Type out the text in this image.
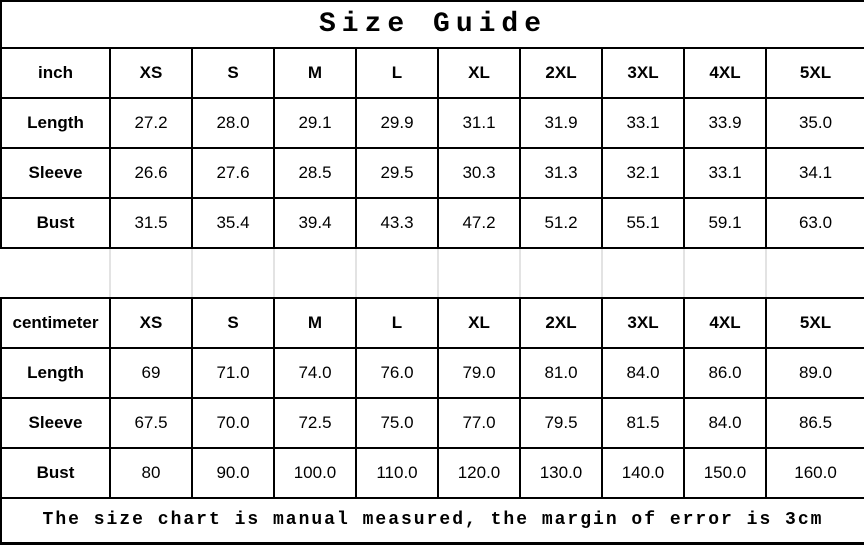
Size Guide									
inch	XS	S	M	L	XL	2XL	3XL	4XL	5XL
Length	27.2	28.0	29.1	29.9	31.1	31.9	33.1	33.9	35.0
Sleeve	26.6	27.6	28.5	29.5	30.3	31.3	32.1	33.1	34.1
Bust	31.5	35.4	39.4	43.3	47.2	51.2	55.1	59.1	63.0

centimeter	XS	S	M	L	XL	2XL	3XL	4XL	5XL
Length	69	71.0	74.0	76.0	79.0	81.0	84.0	86.0	89.0
Sleeve	67.5	70.0	72.5	75.0	77.0	79.5	81.5	84.0	86.5
Bust	80	90.0	100.0	110.0	120.0	130.0	140.0	150.0	160.0
The size chart is manual measured, the margin of error is 3cm									
